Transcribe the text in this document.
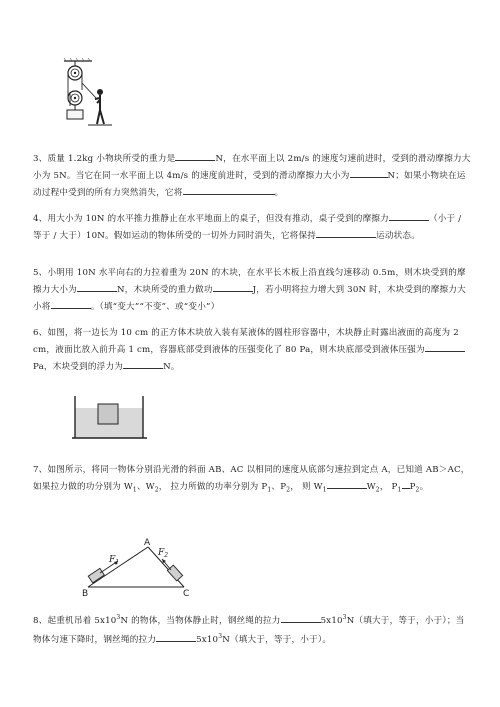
3、质量 1.2kg 小物块所受的重力是	N，在水平面上以 2m/s 的速度匀速前进时，受到的滑动摩擦力大小为 5N。当它在同一水平面上以 4m/s 的速度前进时，受到的滑动摩擦力大小为	N；如果小物块在运动过程中受到的所有力突然消失，它将	。
4、用大小为 10N 的水平推力推静止在水平地面上的桌子，但没有推动，桌子受到的摩擦力	（小于 / 等于 / 大于）10N。假如运动的物体所受的一切外力同时消失，它将保持	运动状态。
5、小明用 10N 水平向右的力拉着重为 20N 的木块，在水平长木板上沿直线匀速移动 0.5m，则木块受到的摩擦力大小为	N，木块所受的重力做功	J，若小明将拉力增大到 30N 时，木块受到的摩擦力大小将	。（填“变大”“不变”、或“变小”）
6、如图，将一边长为 10 cm 的正方体木块放入装有某液体的圆柱形容器中，木块静止时露出液面的高度为 2 cm，液面比放入前升高 1 cm，容器底部受到液体的压强变化了 80 Pa，则木块底部受到液体压强为Pa，木块受到的浮力为	N。
7、如图所示，将同一物体分别沿光滑的斜面 AB、AC 以相同的速度从底部匀速拉到定点 A，已知道 AB＞AC，如果拉力做的功分别为 $W_1$、$W_2$， 拉力所做的功率分别为 $P_1$、$P_2$， 则 $W_1$	$W_2$， $P_1$ $P_2$。
$F_1$
$F_2$
A
B	C
8、起重机吊着 $5x10^3N$ 的物体，当物体静止时，钢丝绳的拉力	$5x10^3N$（填大于，等于，小于）；当物体匀速下降时，钢丝绳的拉力	$5x10^3N$（填大于，等于，小于）。
